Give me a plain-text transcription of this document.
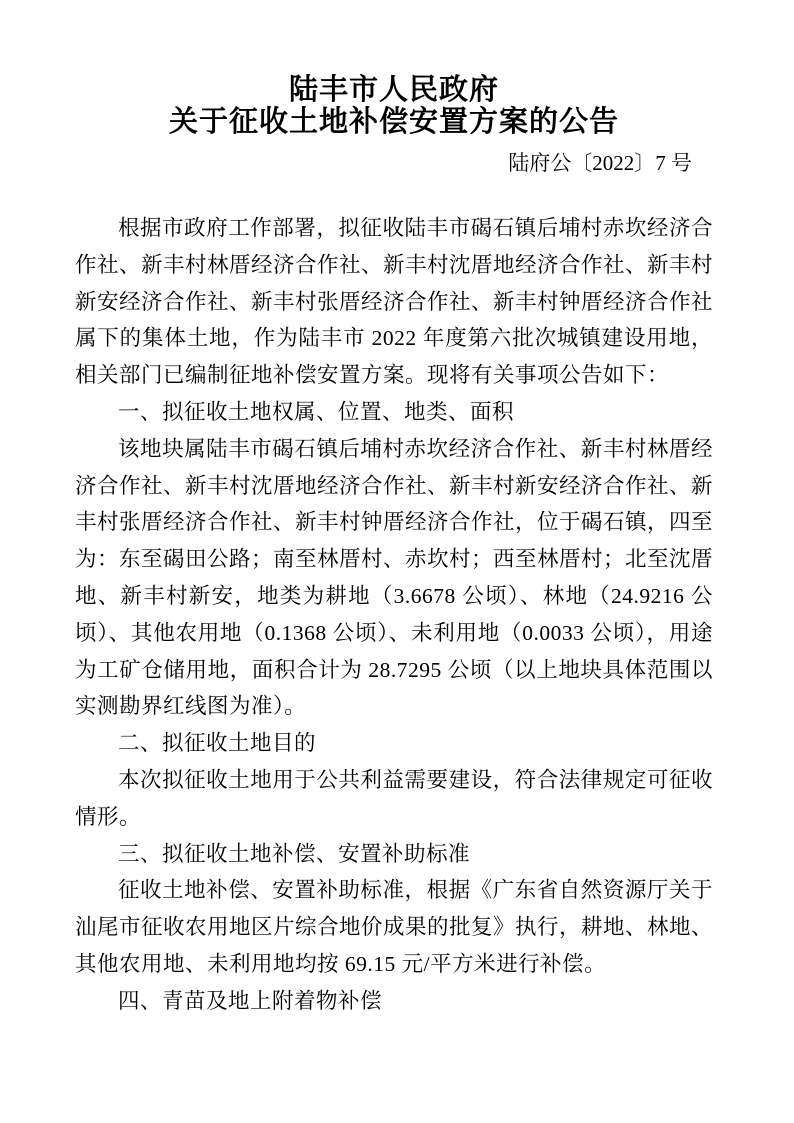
陆丰市人民政府
关于征收土地补偿安置方案的公告
陆府公〔2022〕7 号

根据市政府工作部署，拟征收陆丰市碣石镇后埔村赤坎经济合作社、新丰村林厝经济合作社、新丰村沈厝地经济合作社、新丰村新安经济合作社、新丰村张厝经济合作社、新丰村钟厝经济合作社属下的集体土地，作为陆丰市 2022 年度第六批次城镇建设用地，相关部门已编制征地补偿安置方案。现将有关事项公告如下：

一、拟征收土地权属、位置、地类、面积

该地块属陆丰市碣石镇后埔村赤坎经济合作社、新丰村林厝经济合作社、新丰村沈厝地经济合作社、新丰村新安经济合作社、新丰村张厝经济合作社、新丰村钟厝经济合作社，位于碣石镇，四至为：东至碣田公路；南至林厝村、赤坎村；西至林厝村；北至沈厝地、新丰村新安，地类为耕地（3.6678 公顷）、林地（24.9216 公顷）、其他农用地（0.1368 公顷）、未利用地（0.0033 公顷），用途为工矿仓储用地，面积合计为 28.7295 公顷（以上地块具体范围以实测勘界红线图为准）。

二、拟征收土地目的

本次拟征收土地用于公共利益需要建设，符合法律规定可征收情形。

三、拟征收土地补偿、安置补助标准

征收土地补偿、安置补助标准，根据《广东省自然资源厅关于汕尾市征收农用地区片综合地价成果的批复》执行，耕地、林地、其他农用地、未利用地均按 69.15 元/平方米进行补偿。

四、青苗及地上附着物补偿
